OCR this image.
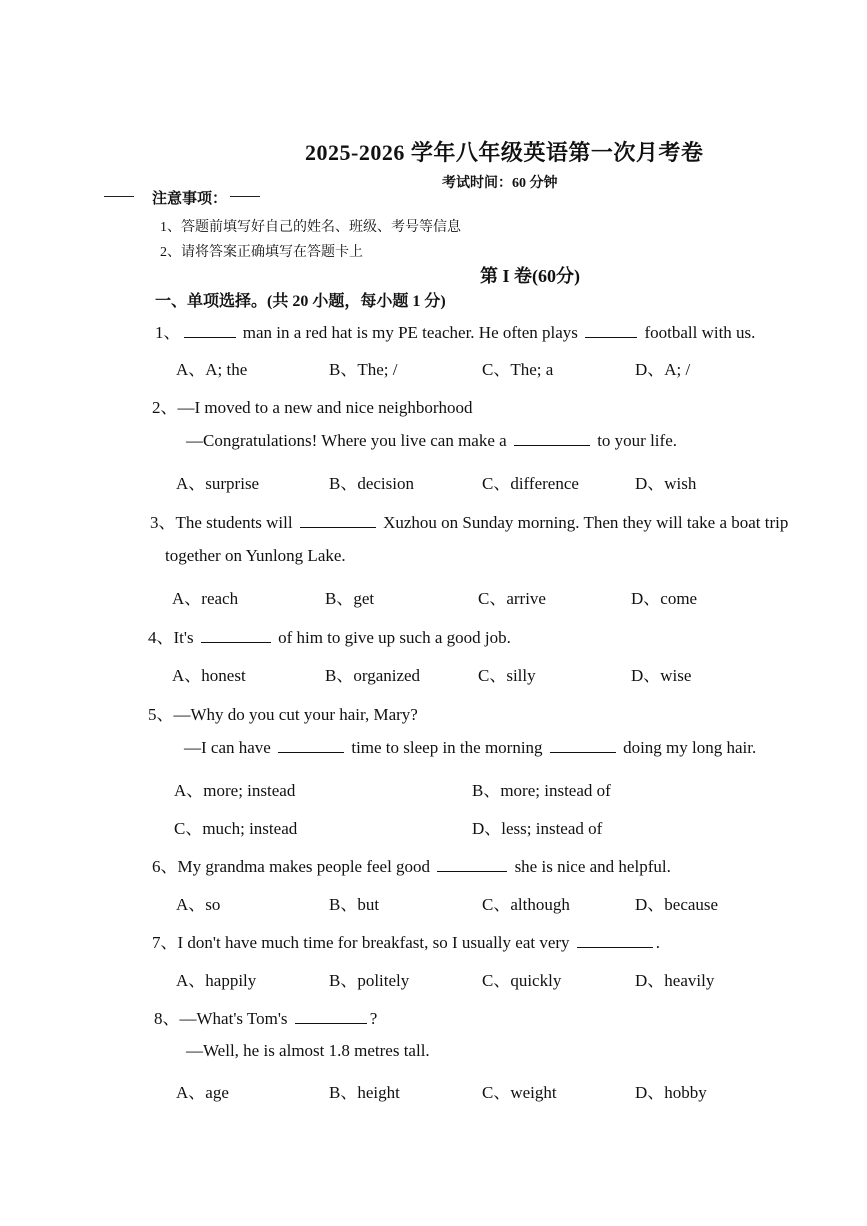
2025-2026 学年八年级英语第一次月考卷
考试时间：60 分钟
注意事项：
1、答题前填写好自己的姓名、班级、考号等信息
2、请将答案正确填写在答题卡上
第 I 卷(60分)
一、单项选择。(共 20 小题，每小题 1 分)
1、	man in a red hat is my PE teacher. He often plays	football with us.
A、A; the	B、The; /	C、The; a	D、A; /
2、—I moved to a new and nice neighborhood
—Congratulations! Where you live can make a	to your life.
A、surprise	B、decision	C、difference	D、wish
3、The students will	Xuzhou on Sunday morning. Then they will take a boat trip
together on Yunlong Lake.
A、reach	B、get	C、arrive	D、come
4、It's	of him to give up such a good job.
A、honest	B、organized	C、silly	D、wise
5、—Why do you cut your hair, Mary?
—I can have	time to sleep in the morning	doing my long hair.
A、more; instead	B、more; instead of
C、much; instead	D、less; instead of
6、My grandma makes people feel good	she is nice and helpful.
A、so	B、but	C、although	D、because
7、I don't have much time for breakfast, so I usually eat very	.
A、happily	B、politely	C、quickly	D、heavily
8、—What's Tom's	?
—Well, he is almost 1.8 metres tall.
A、age	B、height	C、weight	D、hobby
